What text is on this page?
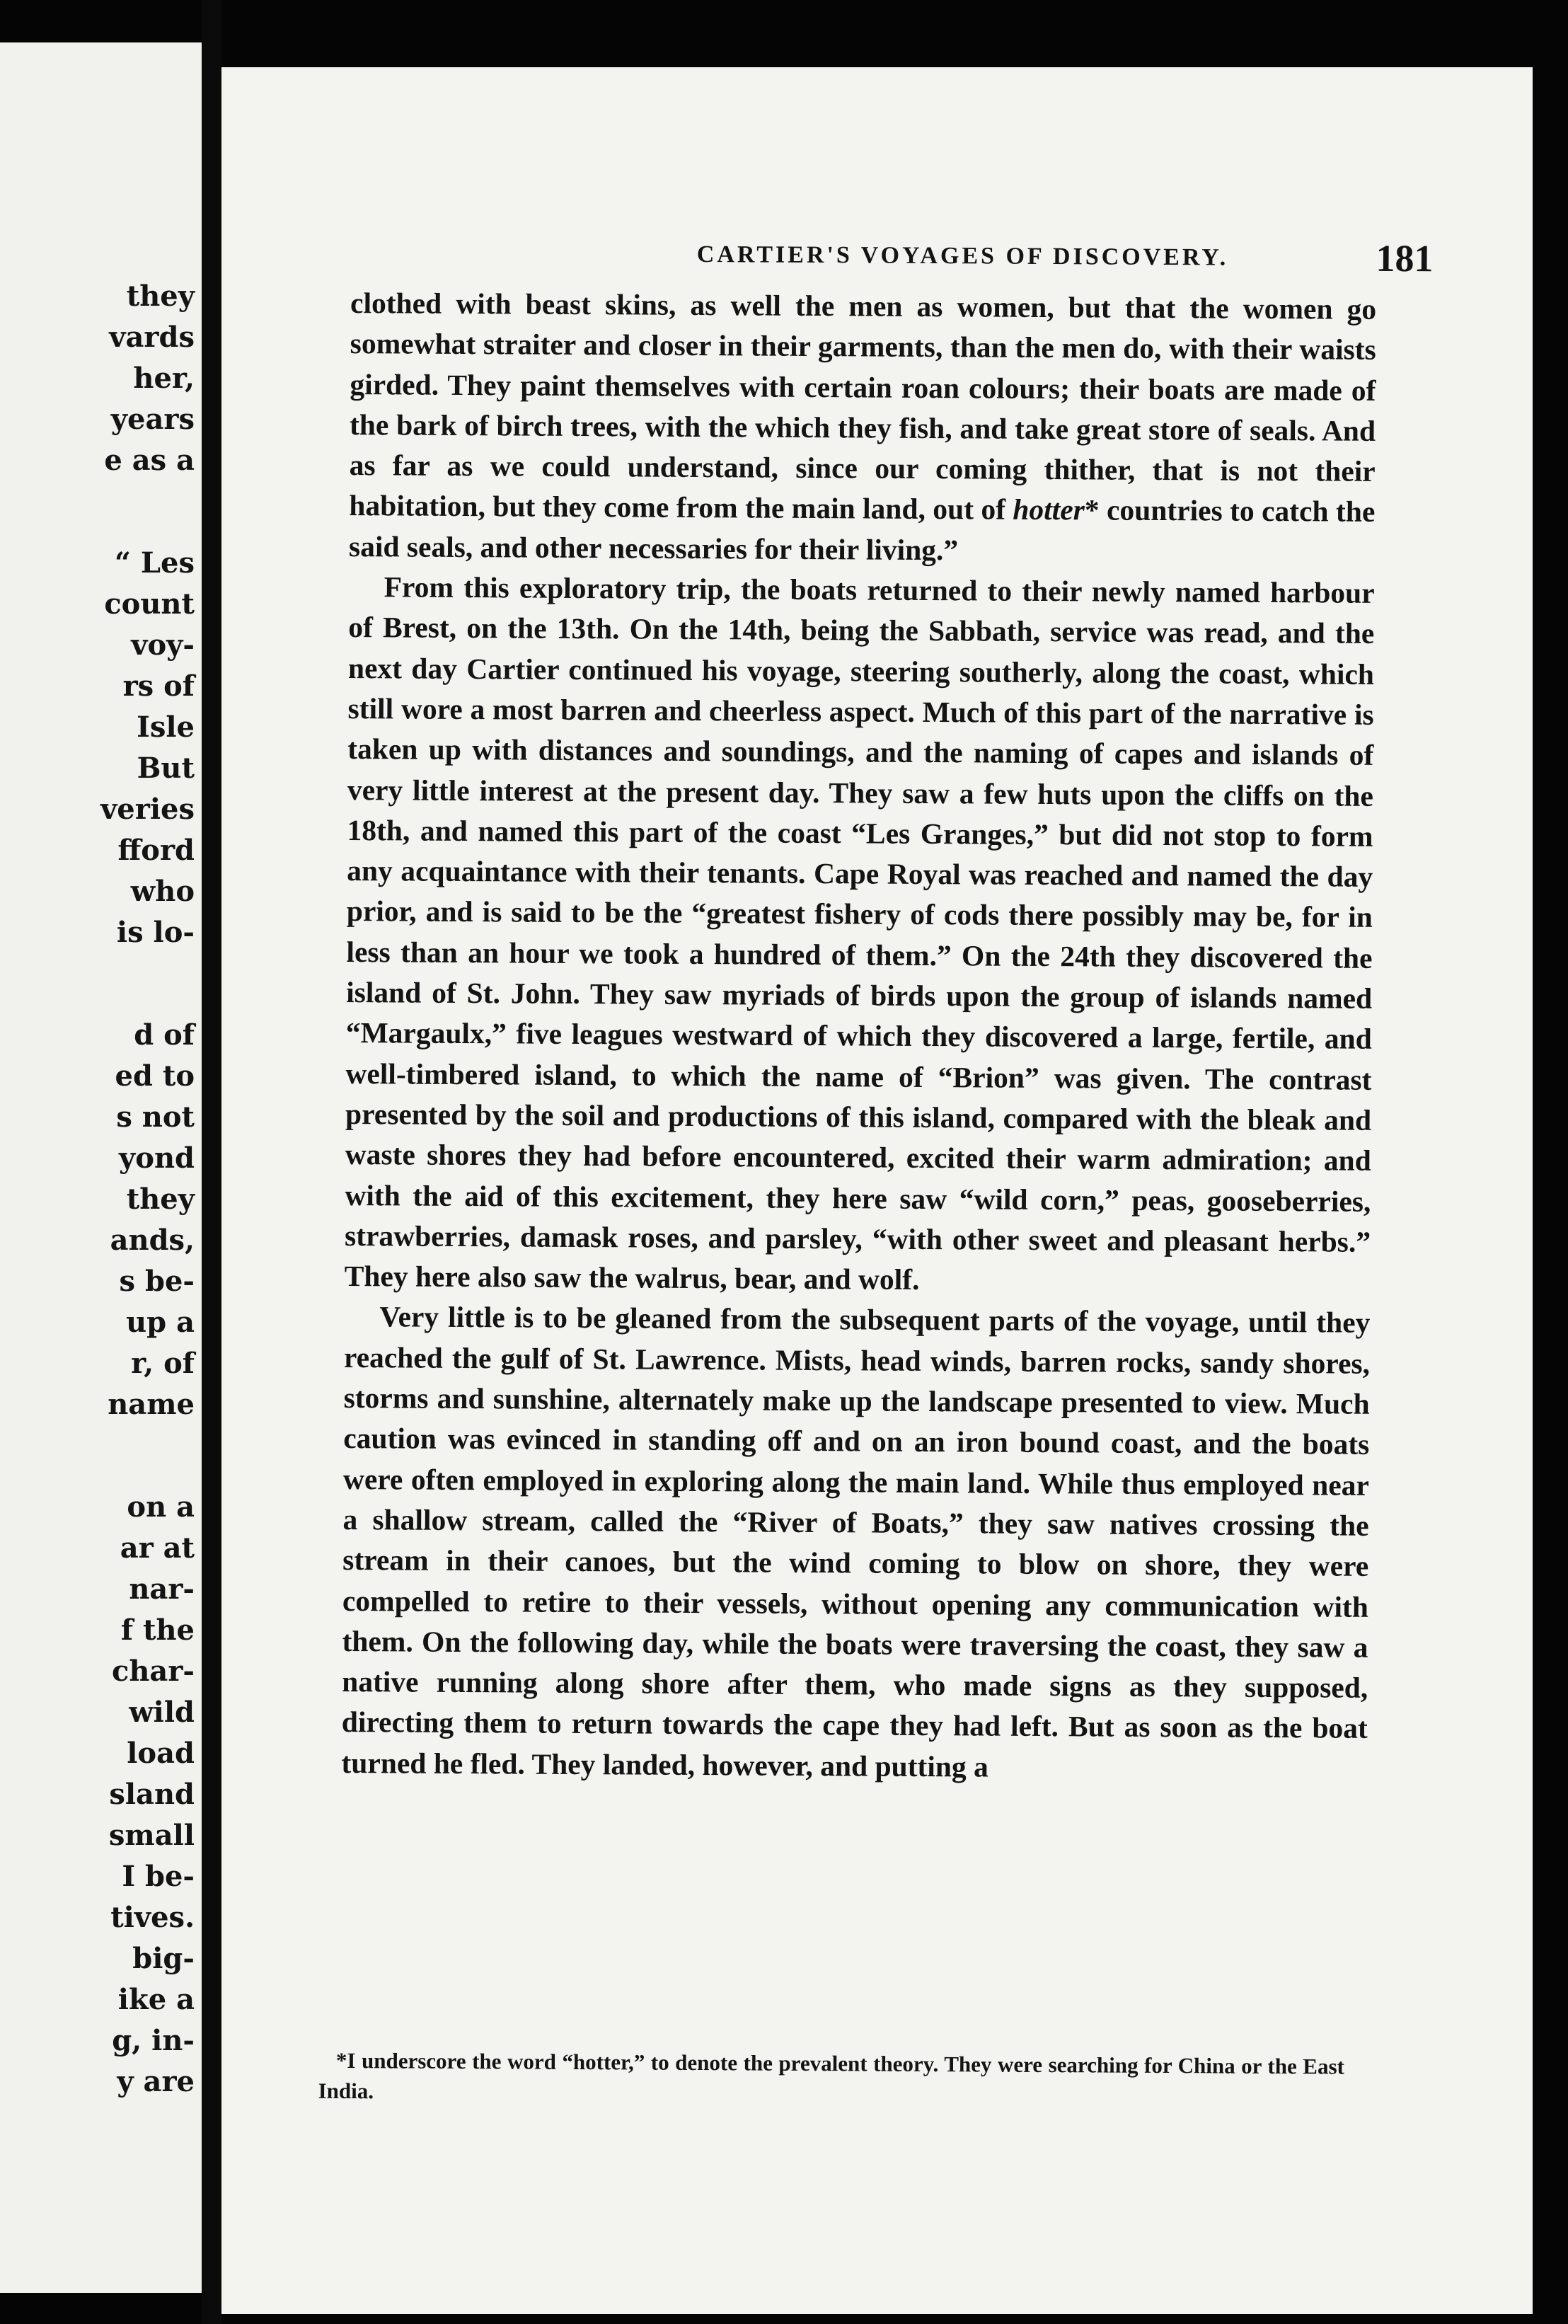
they
vards
her,
years
e as a
“ Les
count
voy-
rs of
Isle
But
veries
fford
who
is lo-
d of
ed to
s not
yond
they
ands,
s be-
up a
r, of
name
on a
ar at
nar-
f the
char-
wild
load
sland
small
I be-
tives.
big-
ike a
g, in-
y are
CARTIER'S VOYAGES OF DISCOVERY.	181

clothed with beast skins, as well the men as women, but that the women go somewhat straiter and closer in their garments, than the men do, with their waists girded. They paint themselves with certain roan colours; their boats are made of the bark of birch trees, with the which they fish, and take great store of seals. And as far as we could understand, since our coming thither, that is not their habitation, but they come from the main land, out of hotter* countries to catch the said seals, and other necessaries for their living.”

From this exploratory trip, the boats returned to their newly named harbour of Brest, on the 13th. On the 14th, being the Sabbath, service was read, and the next day Cartier continued his voyage, steering southerly, along the coast, which still wore a most barren and cheerless aspect. Much of this part of the narrative is taken up with distances and soundings, and the naming of capes and islands of very little interest at the present day. They saw a few huts upon the cliffs on the 18th, and named this part of the coast “Les Granges,” but did not stop to form any acquaintance with their tenants. Cape Royal was reached and named the day prior, and is said to be the “greatest fishery of cods there possibly may be, for in less than an hour we took a hundred of them.” On the 24th they discovered the island of St. John. They saw myriads of birds upon the group of islands named “Margaulx,” five leagues westward of which they discovered a large, fertile, and well-timbered island, to which the name of “Brion” was given. The contrast presented by the soil and productions of this island, compared with the bleak and waste shores they had before encountered, excited their warm admiration; and with the aid of this excitement, they here saw “wild corn,” peas, gooseberries, strawberries, damask roses, and parsley, “with other sweet and pleasant herbs.” They here also saw the walrus, bear, and wolf.

Very little is to be gleaned from the subsequent parts of the voyage, until they reached the gulf of St. Lawrence. Mists, head winds, barren rocks, sandy shores, storms and sunshine, alternately make up the landscape presented to view. Much caution was evinced in standing off and on an iron bound coast, and the boats were often employed in exploring along the main land. While thus employed near a shallow stream, called the “River of Boats,” they saw natives crossing the stream in their canoes, but the wind coming to blow on shore, they were compelled to retire to their vessels, without opening any communication with them. On the following day, while the boats were traversing the coast, they saw a native running along shore after them, who made signs as they supposed, directing them to return towards the cape they had left. But as soon as the boat turned he fled. They landed, however, and putting a

*I underscore the word “hotter,” to denote the prevalent theory. They were searching for China or the East India.
